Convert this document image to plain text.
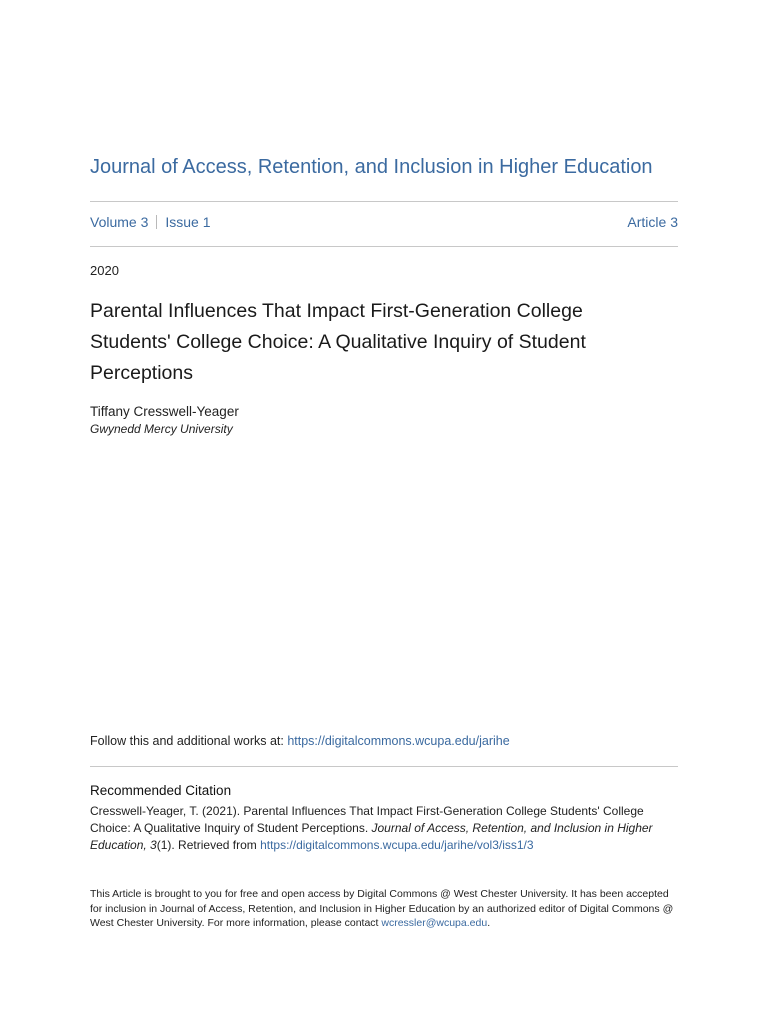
Journal of Access, Retention, and Inclusion in Higher Education
Volume 3 Issue 1	Article 3
2020
Parental Influences That Impact First-Generation College Students' College Choice: A Qualitative Inquiry of Student Perceptions
Tiffany Cresswell-Yeager
Gwynedd Mercy University
Follow this and additional works at: https://digitalcommons.wcupa.edu/jarihe
Recommended Citation
Cresswell-Yeager, T. (2021). Parental Influences That Impact First-Generation College Students' College Choice: A Qualitative Inquiry of Student Perceptions. Journal of Access, Retention, and Inclusion in Higher Education, 3(1). Retrieved from https://digitalcommons.wcupa.edu/jarihe/vol3/iss1/3
This Article is brought to you for free and open access by Digital Commons @ West Chester University. It has been accepted for inclusion in Journal of Access, Retention, and Inclusion in Higher Education by an authorized editor of Digital Commons @ West Chester University. For more information, please contact wcressler@wcupa.edu.
